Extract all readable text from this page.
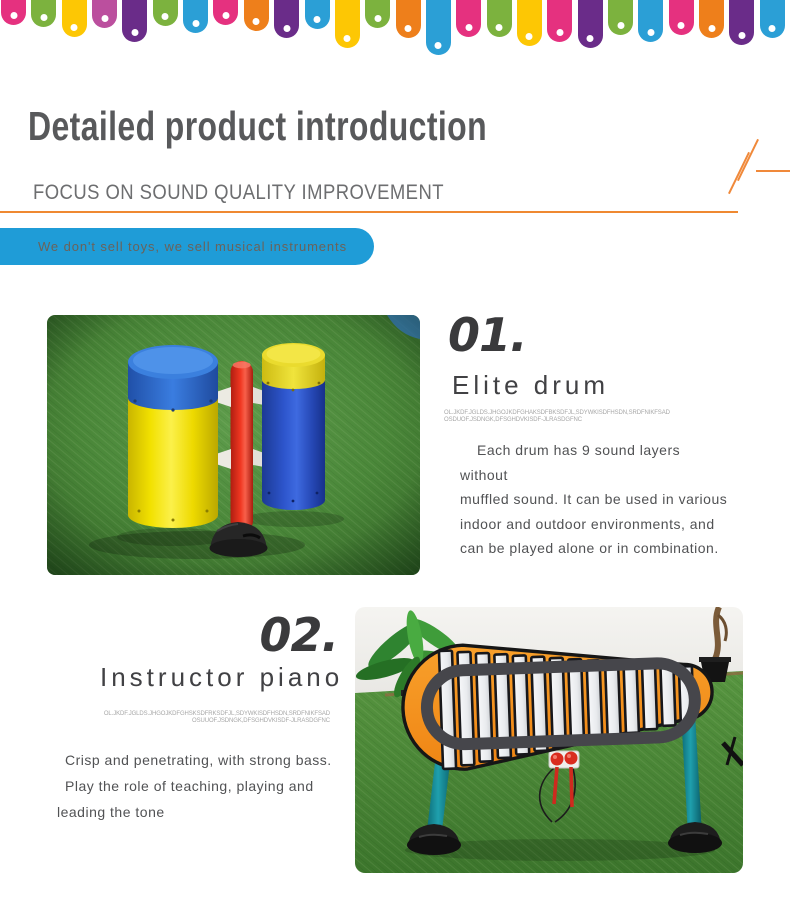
Detailed product introduction
FOCUS ON SOUND QUALITY IMPROVEMENT
We don't sell toys, we sell musical instruments

01.

Elite drum

OL.JKDF.JGLDS.JHGOJKDFGHAKSDFBKSDFJL,SDYWKISDFHSDN,SRDFNIKFSAD
OSDUOF.JSDNGK,DFSGHDVKISDF-JLRASDGFNC
Each drum has 9 sound layers without
muffled sound. It can be used in various
indoor and outdoor environments, and
can be played alone or in combination.

02.

Instructor piano

OL.JKDF.JGLDS.JHGOJKDFGHSKSDFRKSDFJL,SDYWKISDFHSDN,SRDFNIKFSAD
OSUUOF.JSDNGK,DFSGHDVKISDF-JLRASDGFNC
Crisp and penetrating, with strong bass.
Play the role of teaching, playing and
leading the tone
